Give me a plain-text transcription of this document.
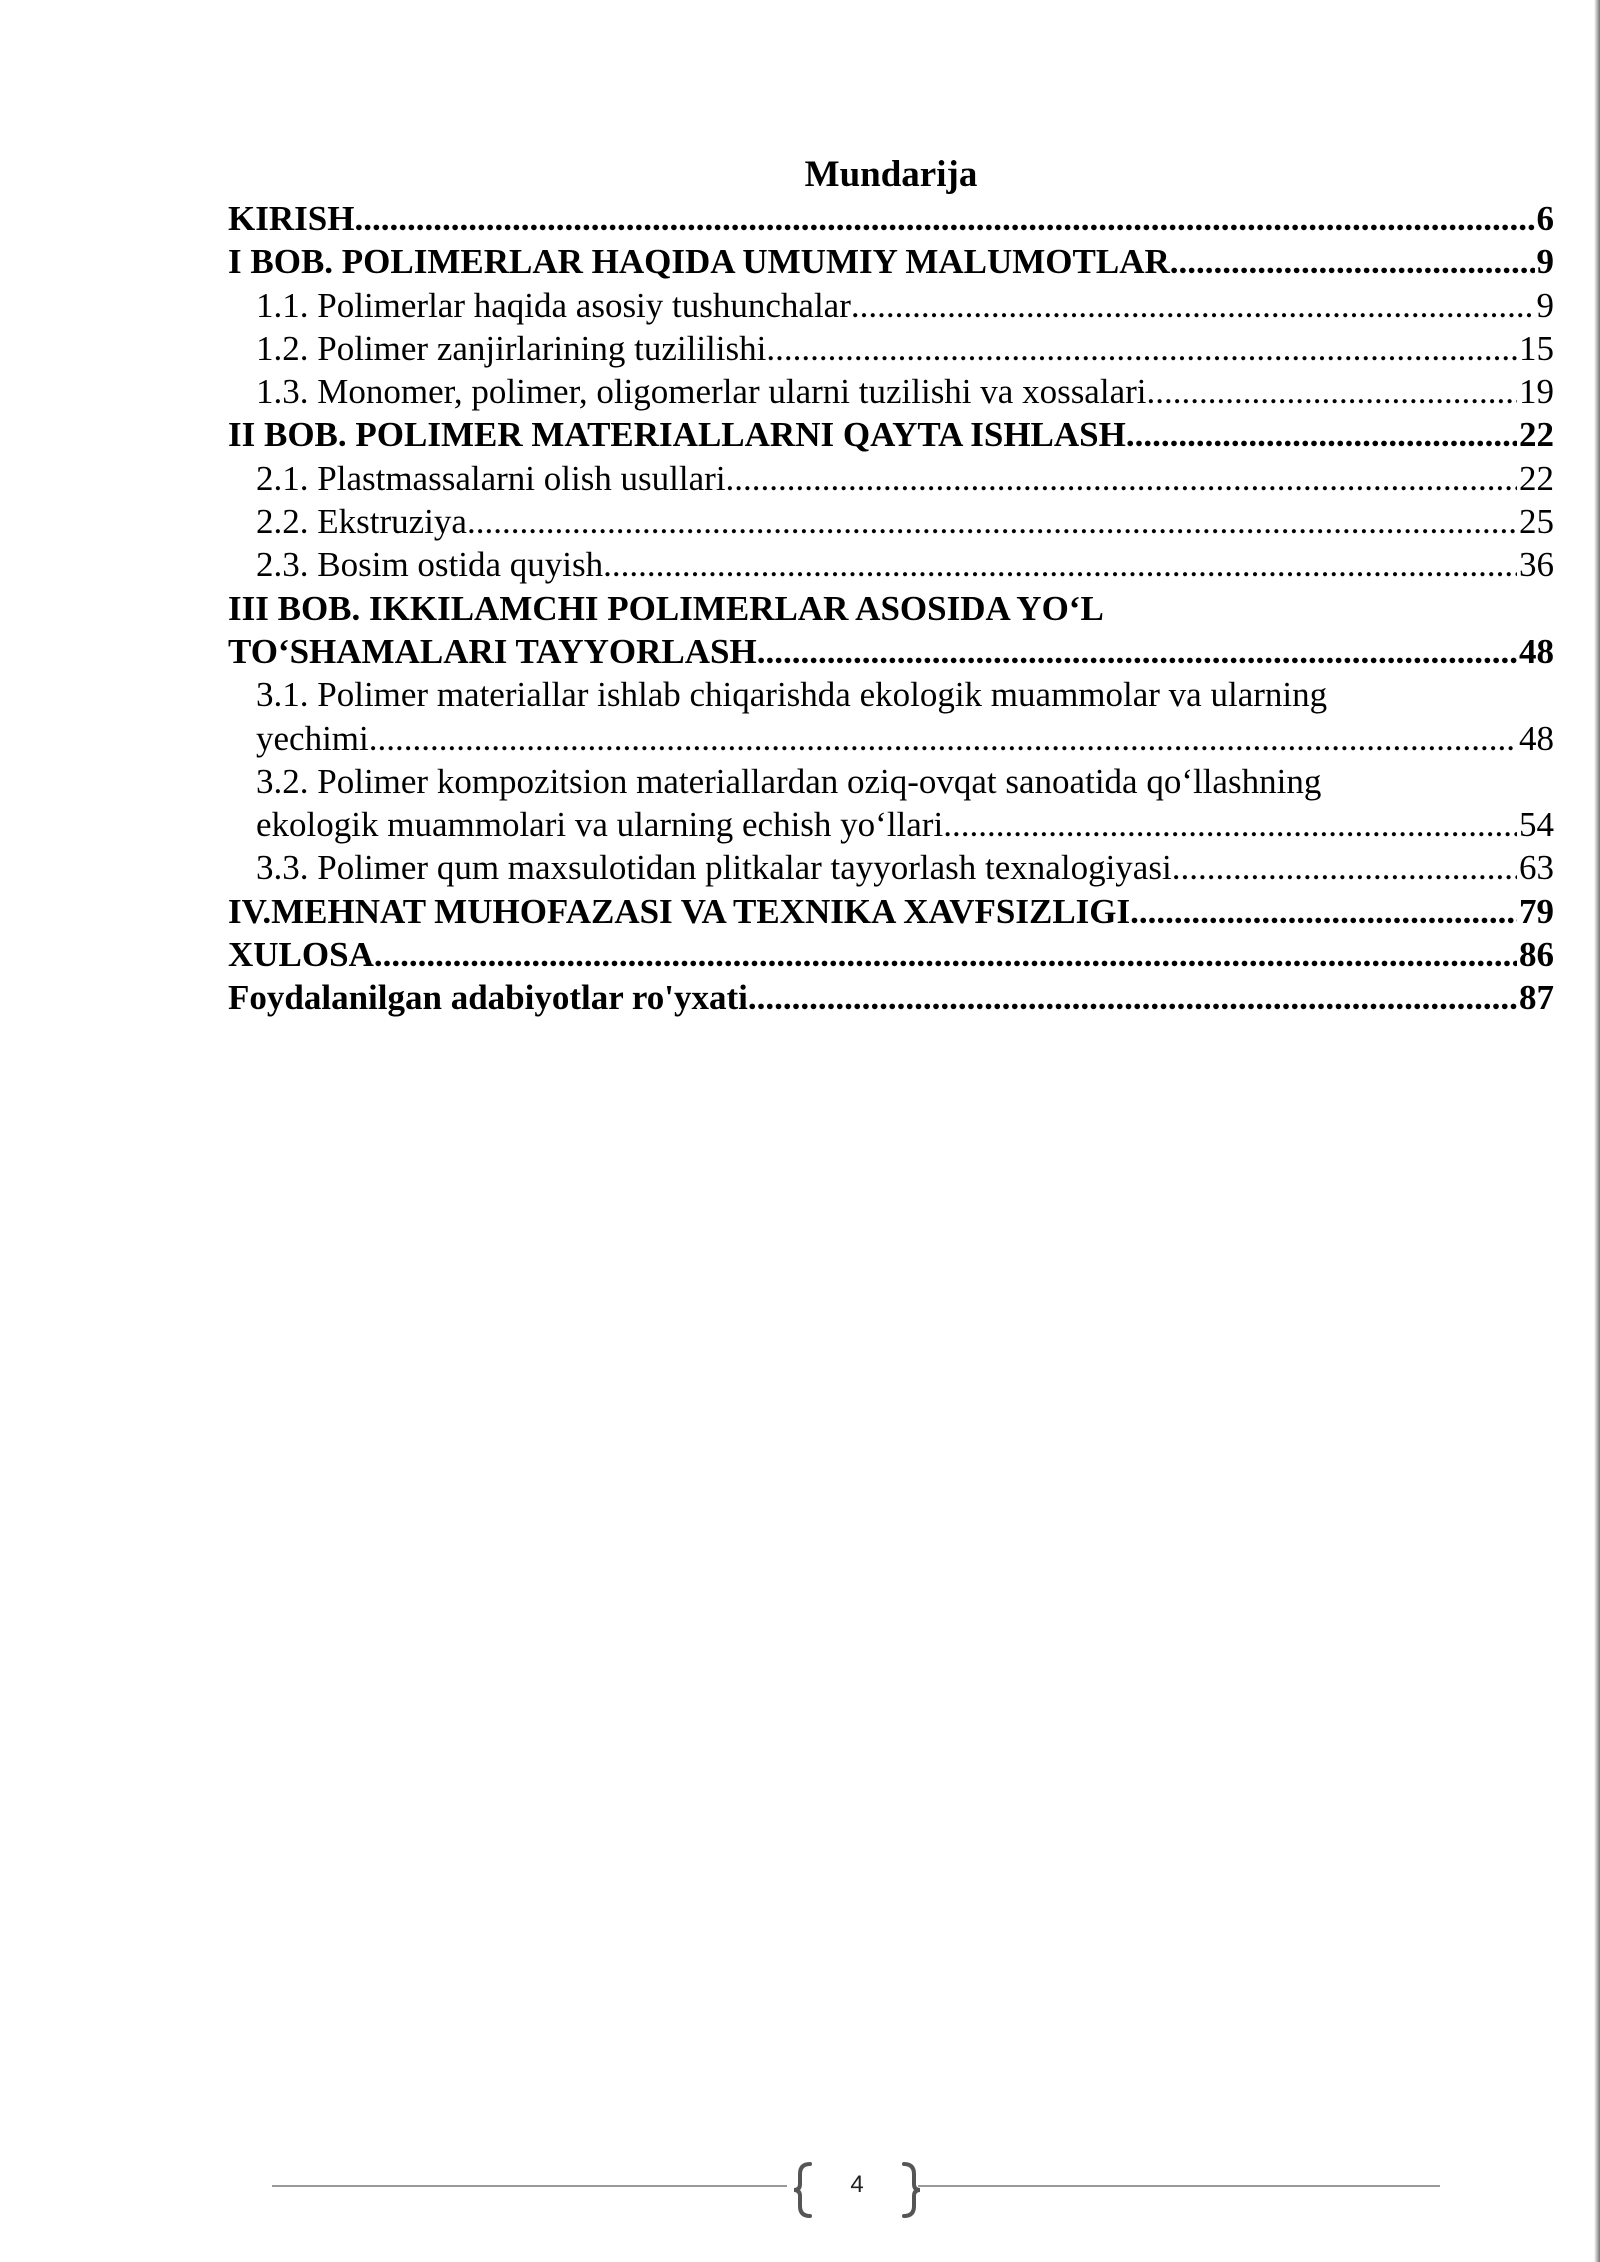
Mundarija
KIRISH .....	6
I BOB. POLIMERLAR HAQIDA UMUMIY MALUMOTLAR .....	9
1.1. Polimerlar haqida asosiy tushunchalar .....	9
1.2. Polimer zanjirlarining tuzililishi .....	15
1.3. Monomer, polimer, oligomerlar ularni tuzilishi va xossalari .....	19
II BOB. POLIMER MATERIALLARNI QAYTA ISHLASH .....	22
2.1. Plastmassalarni olish usullari .....	22
2.2. Ekstruziya .....	25
2.3. Bosim ostida quyish .....	36
III BOB. IKKILAMCHI POLIMERLAR ASOSIDA YO‘L
TO‘SHAMALARI TAYYORLASH .....	48
3.1. Polimer materiallar ishlab chiqarishda ekologik muammolar va ularning
yechimi .....	48
3.2. Polimer kompozitsion materiallardan oziq-ovqat sanoatida qo‘llashning
ekologik muammolari va ularning echish yo‘llari .....	54
3.3. Polimer qum maxsulotidan plitkalar tayyorlash texnalogiyasi .....	63
IV.MEHNAT MUHOFAZASI VA TEXNIKA XAVFSIZLIGI .....	79
XULOSA .....	86
Foydalanilgan adabiyotlar ro'yxati .....	87
4
